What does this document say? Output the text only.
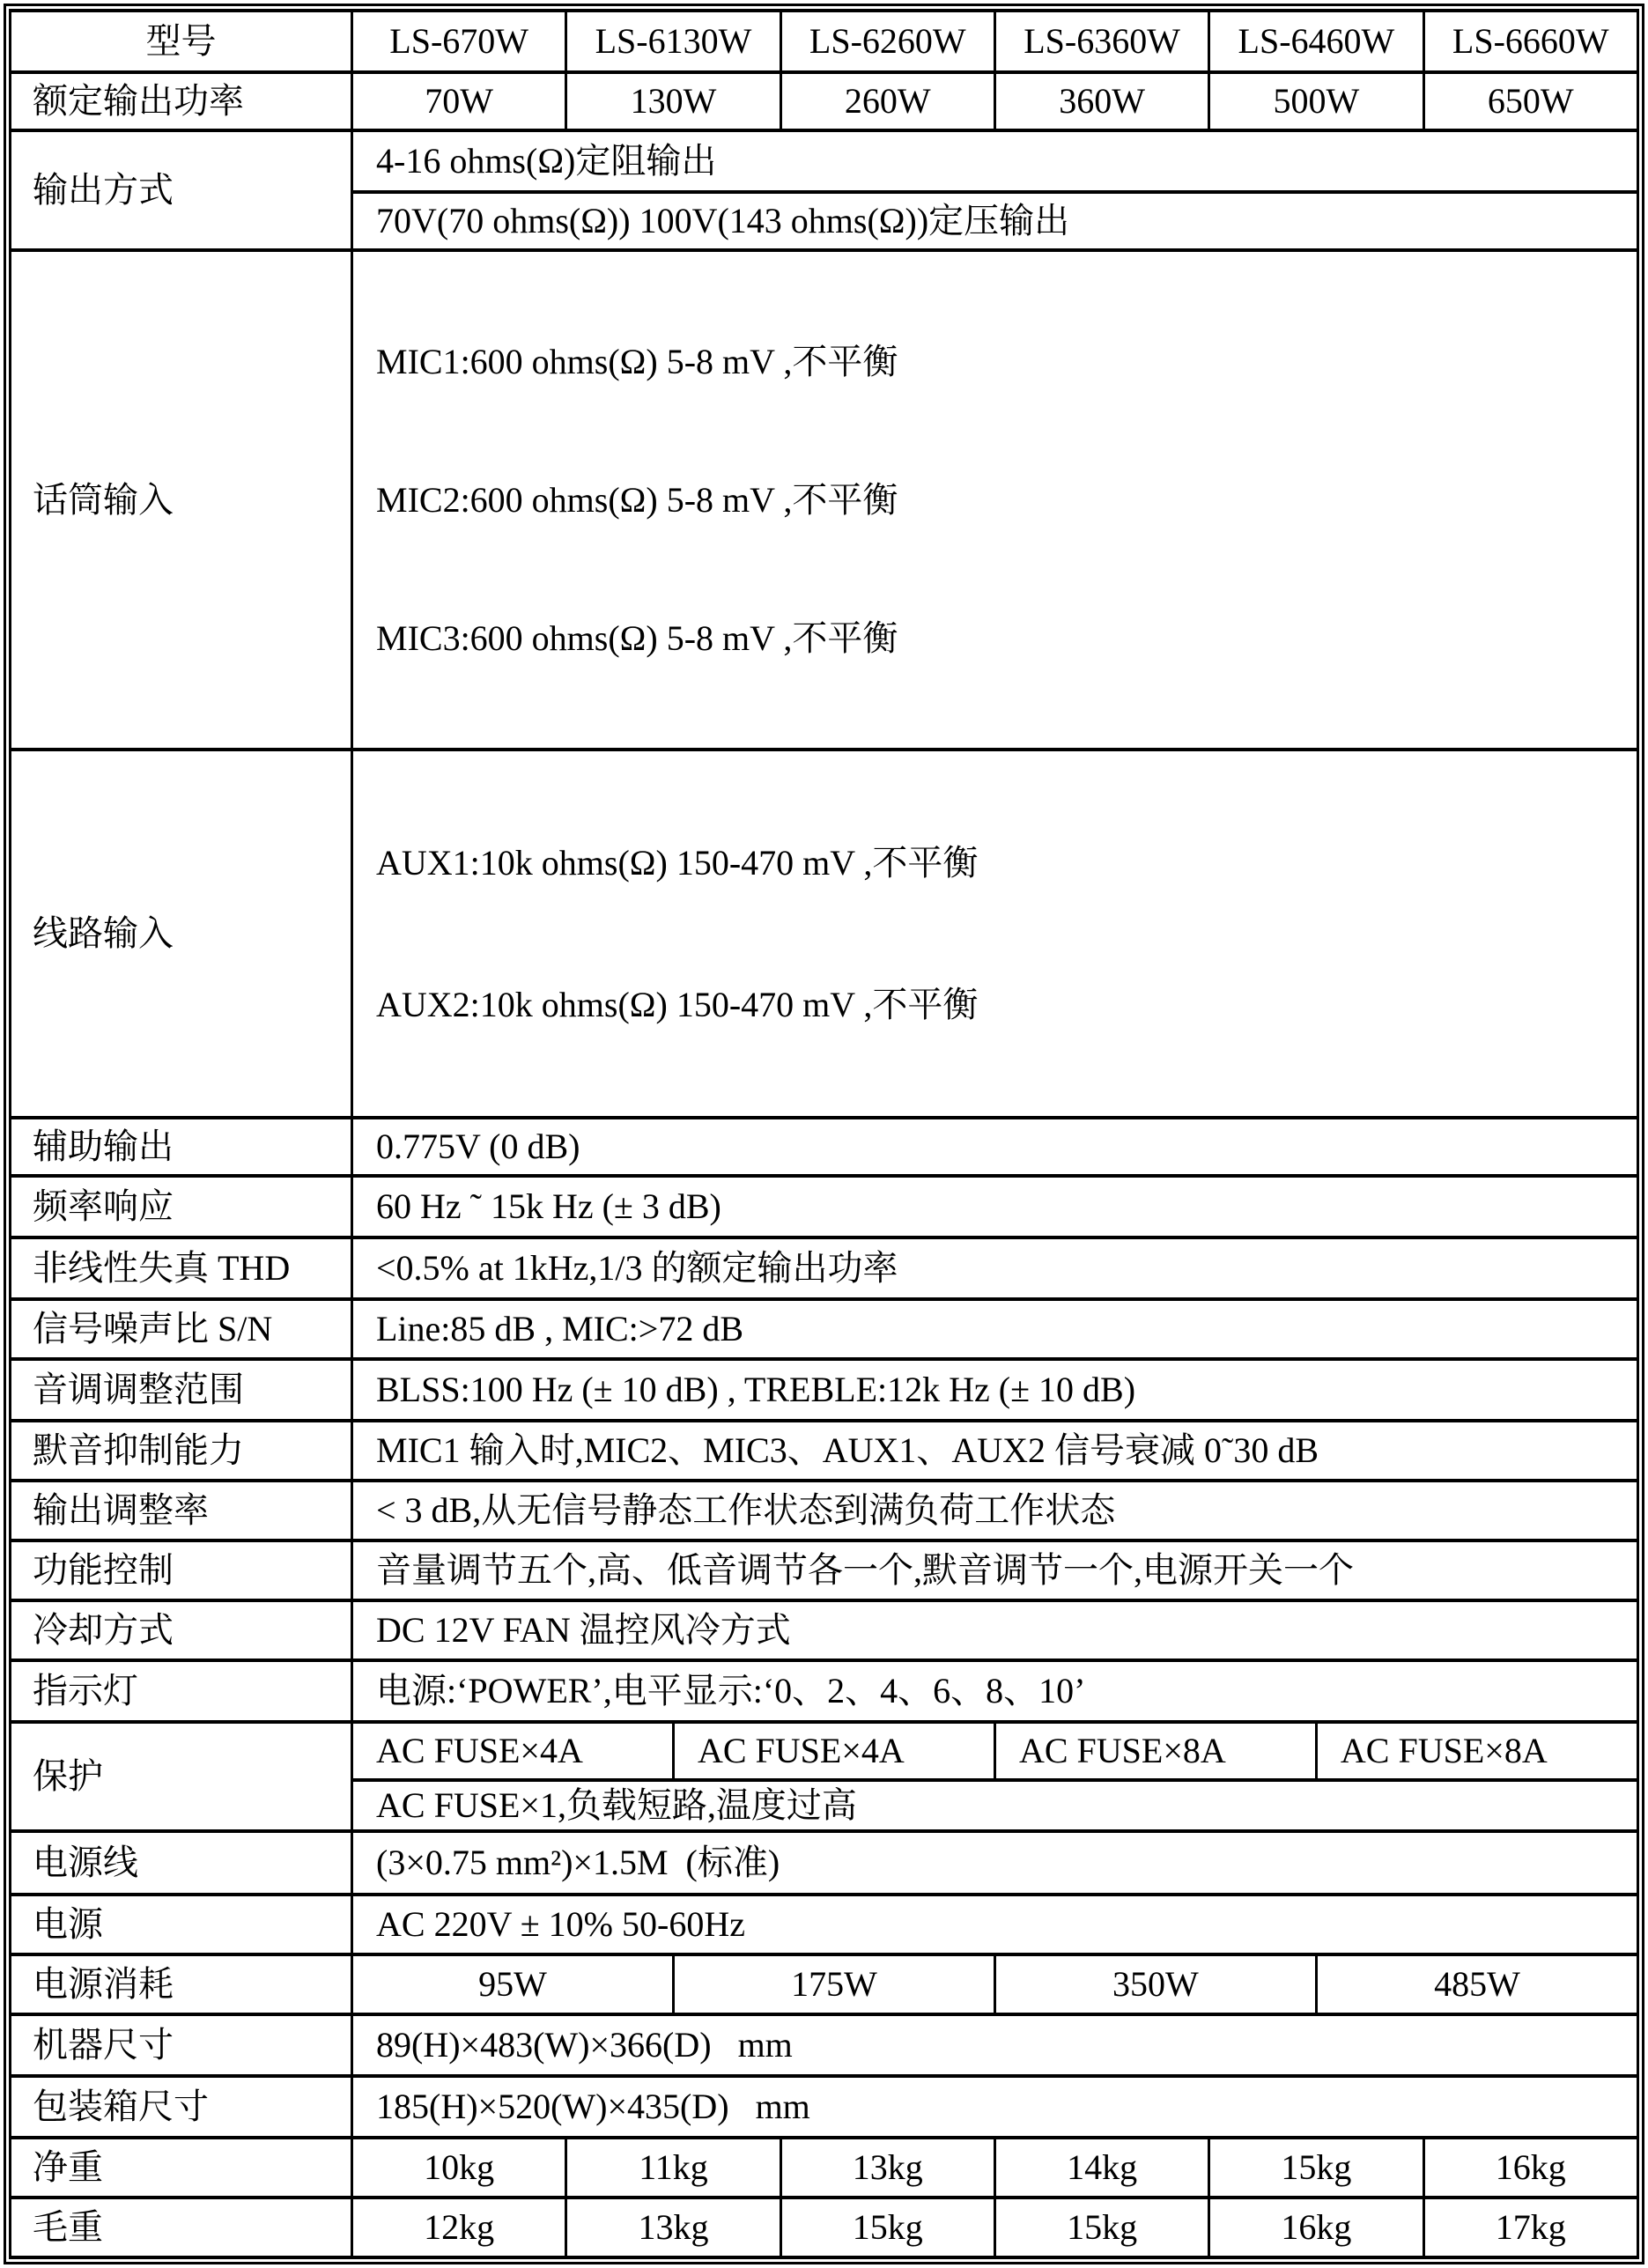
型号	LS-670W	LS-6130W		LS-6260W	LS-6360W	LS-6460W		LS-6660W
额定输出功率	70W	130W		260W	360W	500W		650W
输出方式	4-16 ohms(Ω)定阻输出							
	70V(70 ohms(Ω)) 100V(143 ohms(Ω))定压输出							
话筒输入	MIC1:600 ohms(Ω) 5-8 mV ,不平衡

MIC2:600 ohms(Ω) 5-8 mV ,不平衡

MIC3:600 ohms(Ω) 5-8 mV ,不平衡							

线路输入	AUX1:10k ohms(Ω) 150-470 mV ,不平衡

AUX2:10k ohms(Ω) 150-470 mV ,不平衡							

辅助输出	0.775V (0 dB)							
频率响应	60 Hz ˜ 15k Hz (± 3 dB)							
非线性失真 THD	<0.5% at 1kHz,1/3 的额定输出功率							
信号噪声比 S/N	Line:85 dB , MIC:>72 dB							
音调调整范围	BLSS:100 Hz (± 10 dB) , TREBLE:12k Hz (± 10 dB)							
默音抑制能力	MIC1 输入时,MIC2、MIC3、AUX1、AUX2 信号衰减 0˜30 dB							
输出调整率	< 3 dB,从无信号静态工作状态到满负荷工作状态							
功能控制	音量调节五个,高、低音调节各一个,默音调节一个,电源开关一个							
冷却方式	DC 12V FAN 温控风冷方式							
指示灯	电源:‘POWER’,电平显示:‘0、2、4、6、8、10’							
保护	AC FUSE×4A		AC FUSE×4A		AC FUSE×8A		AC FUSE×8A	
	AC FUSE×1,负载短路,温度过高							
电源线	(3×0.75 mm²)×1.5M  (标准)							
电源	AC 220V ± 10% 50-60Hz							
电源消耗	95W		175W		350W		485W	
机器尺寸	89(H)×483(W)×366(D)   mm							
包装箱尺寸	185(H)×520(W)×435(D)   mm							
净重	10kg	11kg		13kg	14kg	15kg		16kg
毛重	12kg	13kg		15kg	15kg	16kg		17kg
